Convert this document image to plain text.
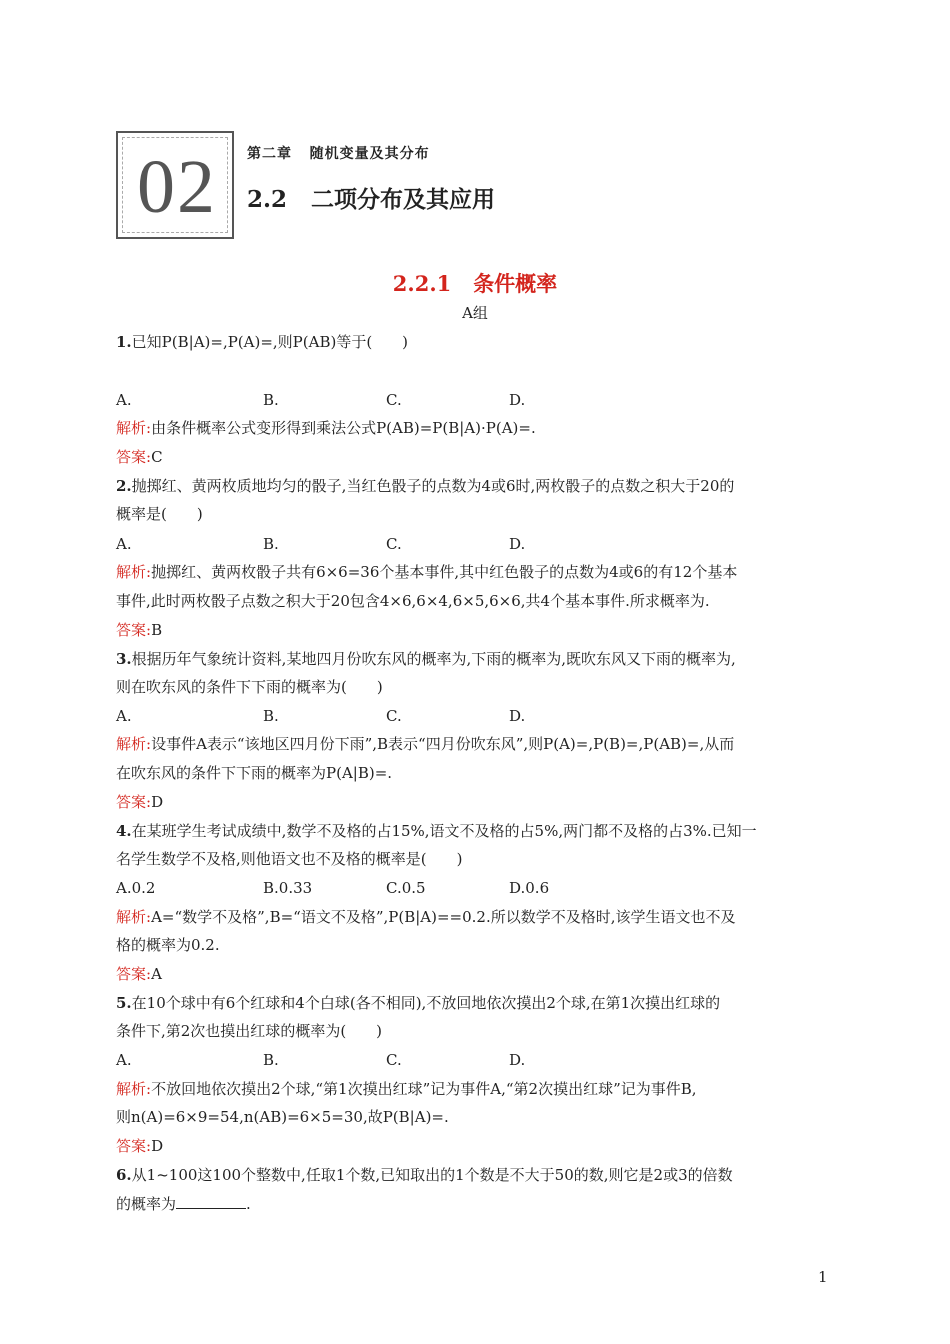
02	第二章   随机变量及其分布
2.2   二项分布及其应用
2.2.1   条件概率
A组
1.已知P(B|A)=,P(A)=,则P(AB)等于(　　)
A.	B.	C.	D.
解析:由条件概率公式变形得到乘法公式P(AB)=P(B|A)·P(A)=.
答案:C
2.抛掷红、黄两枚质地均匀的骰子,当红色骰子的点数为4或6时,两枚骰子的点数之积大于20的
概率是(　　)
A.	B.	C.	D.
解析:抛掷红、黄两枚骰子共有6×6=36个基本事件,其中红色骰子的点数为4或6的有12个基本
事件,此时两枚骰子点数之积大于20包含4×6,6×4,6×5,6×6,共4个基本事件.所求概率为.
答案:B
3.根据历年气象统计资料,某地四月份吹东风的概率为,下雨的概率为,既吹东风又下雨的概率为,
则在吹东风的条件下下雨的概率为(　　)
A.	B.	C.	D.
解析:设事件A表示“该地区四月份下雨”,B表示“四月份吹东风”,则P(A)=,P(B)=,P(AB)=,从而
在吹东风的条件下下雨的概率为P(A|B)=.
答案:D
4.在某班学生考试成绩中,数学不及格的占15%,语文不及格的占5%,两门都不及格的占3%.已知一
名学生数学不及格,则他语文也不及格的概率是(　　)
A.0.2	B.0.33	C.0.5	D.0.6
解析:A=“数学不及格”,B=“语文不及格”,P(B|A)==0.2.所以数学不及格时,该学生语文也不及
格的概率为0.2.
答案:A
5.在10个球中有6个红球和4个白球(各不相同),不放回地依次摸出2个球,在第1次摸出红球的
条件下,第2次也摸出红球的概率为(　　)
A.	B.	C.	D.
解析:不放回地依次摸出2个球,“第1次摸出红球”记为事件A,“第2次摸出红球”记为事件B,
则n(A)=6×9=54,n(AB)=6×5=30,故P(B|A)=.
答案:D
6.从1~100这100个整数中,任取1个数,已知取出的1个数是不大于50的数,则它是2或3的倍数
的概率为	.
1
